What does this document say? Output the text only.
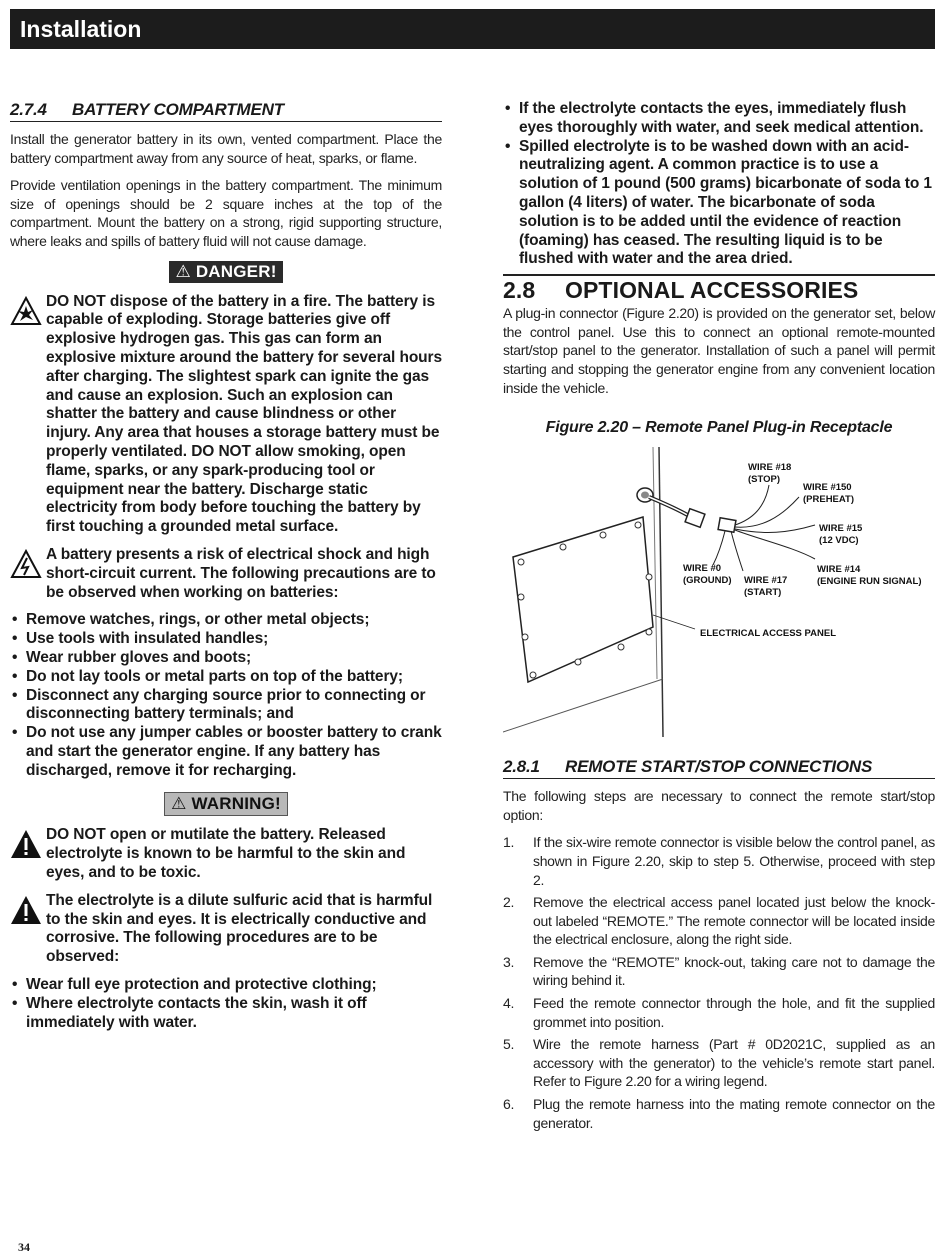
Installation
2.7.4 BATTERY COMPARTMENT

Install the generator battery in its own, vented compartment. Place the battery compartment away from any source of heat, sparks, or flame.

Provide ventilation openings in the battery compartment. The minimum size of openings should be 2 square inches at the top of the compartment. Mount the battery on a strong, rigid supporting structure, where leaks and spills of battery fluid will not cause damage.

⚠ DANGER!
DO NOT dispose of the battery in a fire. The battery is capable of exploding. Storage batteries give off explosive hydrogen gas. This gas can form an explosive mixture around the battery for several hours after charging. The slightest spark can ignite the gas and cause an explosion. Such an explosion can shatter the battery and cause blindness or other injury. Any area that houses a storage battery must be properly ventilated. DO NOT allow smoking, open flame, sparks, or any spark-producing tool or equipment near the battery. Discharge static electricity from body before touching the battery by first touching a grounded metal surface.
A battery presents a risk of electrical shock and high short-circuit current. The following precautions are to be observed when working on batteries:
• Remove watches, rings, or other metal objects;
• Use tools with insulated handles;
• Wear rubber gloves and boots;
• Do not lay tools or metal parts on top of the battery;
• Disconnect any charging source prior to connecting or disconnecting battery terminals; and
• Do not use any jumper cables or booster battery to crank and start the generator engine. If any battery has discharged, remove it for recharging.
⚠ WARNING!
DO NOT open or mutilate the battery. Released electrolyte is known to be harmful to the skin and eyes, and to be toxic.
The electrolyte is a dilute sulfuric acid that is harmful to the skin and eyes. It is electrically conductive and corrosive. The following procedures are to be observed:
• Wear full eye protection and protective clothing;
• Where electrolyte contacts the skin, wash it off immediately with water.
• If the electrolyte contacts the eyes, immediately flush eyes thoroughly with water, and seek medical attention.
• Spilled electrolyte is to be washed down with an acid-neutralizing agent. A common practice is to use a solution of 1 pound (500 grams) bicarbonate of soda to 1 gallon (4 liters) of water. The bicarbonate of soda solution is to be added until the evidence of reaction (foaming) has ceased. The resulting liquid is to be flushed with water and the area dried.
2.8 OPTIONAL ACCESSORIES

A plug-in connector (Figure 2.20) is provided on the generator set, below the control panel. Use this to connect an optional remote-mounted start/stop panel to the generator. Installation of such a panel will permit starting and stopping the generator engine from any convenient location inside the vehicle.

Figure 2.20 – Remote Panel Plug-in Receptacle
WIRE #18
(STOP)
WIRE #150
(PREHEAT)
WIRE #15
(12 VDC)
WIRE #0
(GROUND) WIRE #17
(START)
WIRE #14
(ENGINE RUN SIGNAL)
ELECTRICAL ACCESS PANEL
2.8.1 REMOTE START/STOP CONNECTIONS

The following steps are necessary to connect the remote start/stop option:

1. If the six-wire remote connector is visible below the control panel, as shown in Figure 2.20, skip to step 5. Otherwise, proceed with step 2.
2. Remove the electrical access panel located just below the knock-out labeled “REMOTE.” The remote connector will be located inside the electrical enclosure, along the right side.
3. Remove the “REMOTE” knock-out, taking care not to damage the wiring behind it.
4. Feed the remote connector through the hole, and fit the supplied grommet into position.
5. Wire the remote harness (Part # 0D2021C, supplied as an accessory with the generator) to the vehicle’s remote start panel. Refer to Figure 2.20 for a wiring legend.
6. Plug the remote harness into the mating remote connector on the generator.
34
